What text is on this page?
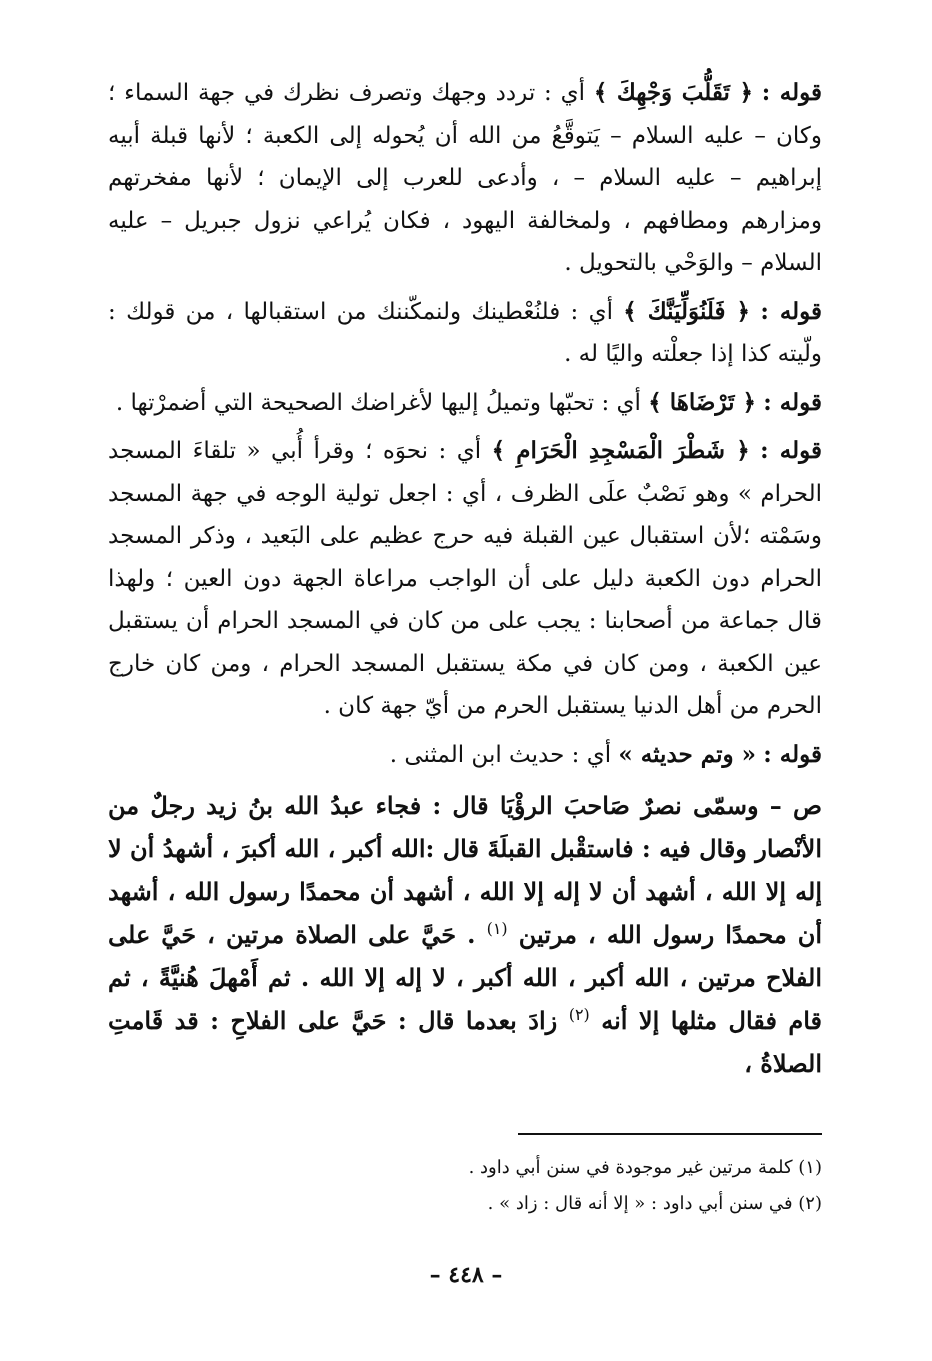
قوله : ﴿ تَقَلُّبَ وَجْهِكَ ﴾ أي : تردد وجهك وتصرف نظرك في جهة السماء ؛ وكان – عليه السلام – يَتوقَّعُ من الله أن يُحوله إلى الكعبة ؛ لأنها قبلة أبيه إبراهيم – عليه السلام – ، وأدعى للعرب إلى الإيمان ؛ لأنها مفخرتهم ومزارهم ومطافهم ، ولمخالفة اليهود ، فكان يُراعي نزول جبريل – عليه السلام – والوَحْي بالتحويل .

قوله : ﴿ فَلَنُوَلِّيَنَّكَ ﴾ أي : فلنُعْطينك ولنمكّننك من استقبالها ، من قولك : ولّيته كذا إذا جعلْته واليًا له .

قوله : ﴿ تَرْضَاهَا ﴾ أي : تحبّها وتميلُ إليها لأغراضك الصحيحة التي أضمرْتها .

قوله : ﴿ شَطْرَ الْمَسْجِدِ الْحَرَامِ ﴾ أي : نحوَه ؛ وقرأ أُبي « تلقاءَ المسجد الحرام » وهو نَصْبٌ علَى الظرف ، أي : اجعل تولية الوجه في جهة المسجد وسَمْته ؛لأن استقبال عين القبلة فيه حرج عظيم على البَعيد ، وذكر المسجد الحرام دون الكعبة دليل على أن الواجب مراعاة الجهة دون العين ؛ ولهذا قال جماعة من أصحابنا : يجب على من كان في المسجد الحرام أن يستقبل عين الكعبة ، ومن كان في مكة يستقبل المسجد الحرام ، ومن كان خارج الحرم من أهل الدنيا يستقبل الحرم من أيّ جهة كان .

قوله : « وتم حديثه » أي : حديث ابن المثنى .

ص – وسمّى نصرٌ صَاحبَ الرؤْيَا قال : فجاء عبدُ الله بنُ زيد رجلٌ من الأنْصار وقال فيه : فاستقْبل القبلَةَ قال :الله أكبر ، الله أكبرَ ، أشهدُ أن لا إله إلا الله ، أشهد أن لا إله إلا الله ، أشهد أن محمدًا رسول الله ، أشهد أن محمدًا رسول الله ، مرتين $^{(١)}$ . حَيَّ على الصلاة مرتين ، حَيَّ على الفلاح مرتين ، الله أكبر ، الله أكبر ، لا إله إلا الله . ثم أَمْهلَ هُنيَّةً ، ثم قام فقال مثلها إلا أنه $^{(٢)}$ زادَ بعدما قال : حَيَّ على الفلاحِ : قد قَامتِ الصلاةُ ،

(١) كلمة مرتين غير موجودة في سنن أبي داود .

(٢) في سنن أبي داود : « إلا أنه قال : زاد » .

– ٤٤٨ –
